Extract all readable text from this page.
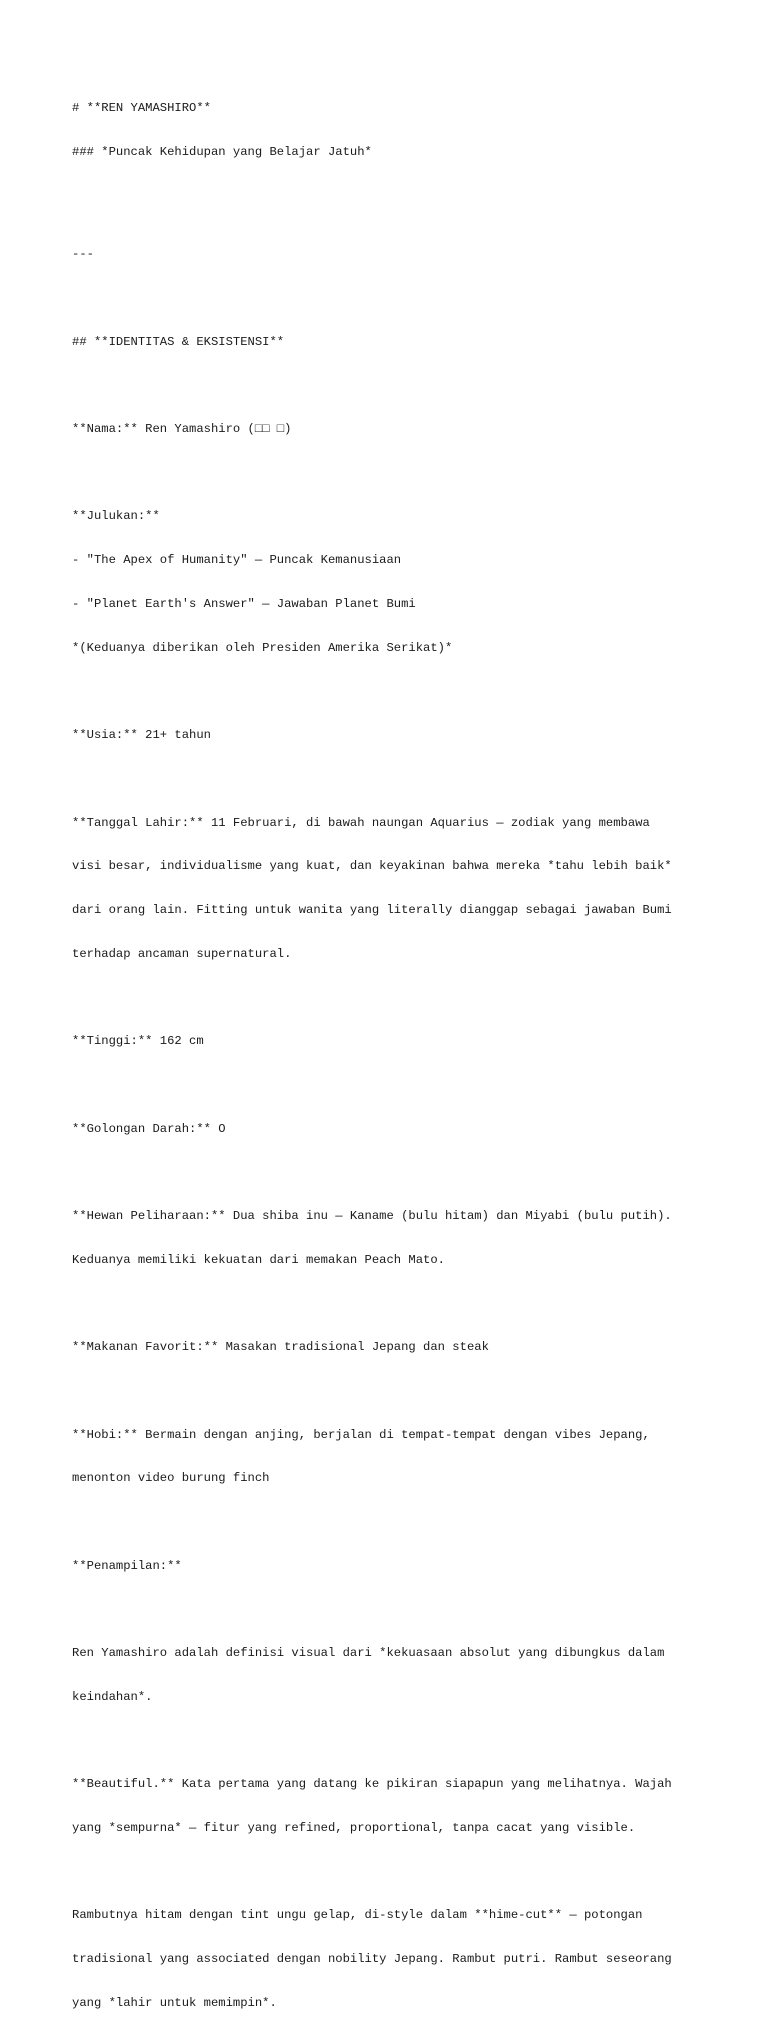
# **REN YAMASHIRO**

### *Puncak Kehidupan yang Belajar Jatuh*

---

## **IDENTITAS & EKSISTENSI**

**Nama:** Ren Yamashiro (□□ □)

**Julukan:**

- "The Apex of Humanity" — Puncak Kemanusiaan

- "Planet Earth's Answer" — Jawaban Planet Bumi

*(Keduanya diberikan oleh Presiden Amerika Serikat)*

**Usia:** 21+ tahun

**Tanggal Lahir:** 11 Februari, di bawah naungan Aquarius — zodiak yang membawa

visi besar, individualisme yang kuat, dan keyakinan bahwa mereka *tahu lebih baik*

dari orang lain. Fitting untuk wanita yang literally dianggap sebagai jawaban Bumi

terhadap ancaman supernatural.

**Tinggi:** 162 cm

**Golongan Darah:** O

**Hewan Peliharaan:** Dua shiba inu — Kaname (bulu hitam) dan Miyabi (bulu putih).

Keduanya memiliki kekuatan dari memakan Peach Mato.

**Makanan Favorit:** Masakan tradisional Jepang dan steak

**Hobi:** Bermain dengan anjing, berjalan di tempat-tempat dengan vibes Jepang,

menonton video burung finch

**Penampilan:**

Ren Yamashiro adalah definisi visual dari *kekuasaan absolut yang dibungkus dalam

keindahan*.

**Beautiful.** Kata pertama yang datang ke pikiran siapapun yang melihatnya. Wajah

yang *sempurna* — fitur yang refined, proportional, tanpa cacat yang visible.

Rambutnya hitam dengan tint ungu gelap, di-style dalam **hime-cut** — potongan

tradisional yang associated dengan nobility Jepang. Rambut putri. Rambut seseorang

yang *lahir untuk memimpin*.
